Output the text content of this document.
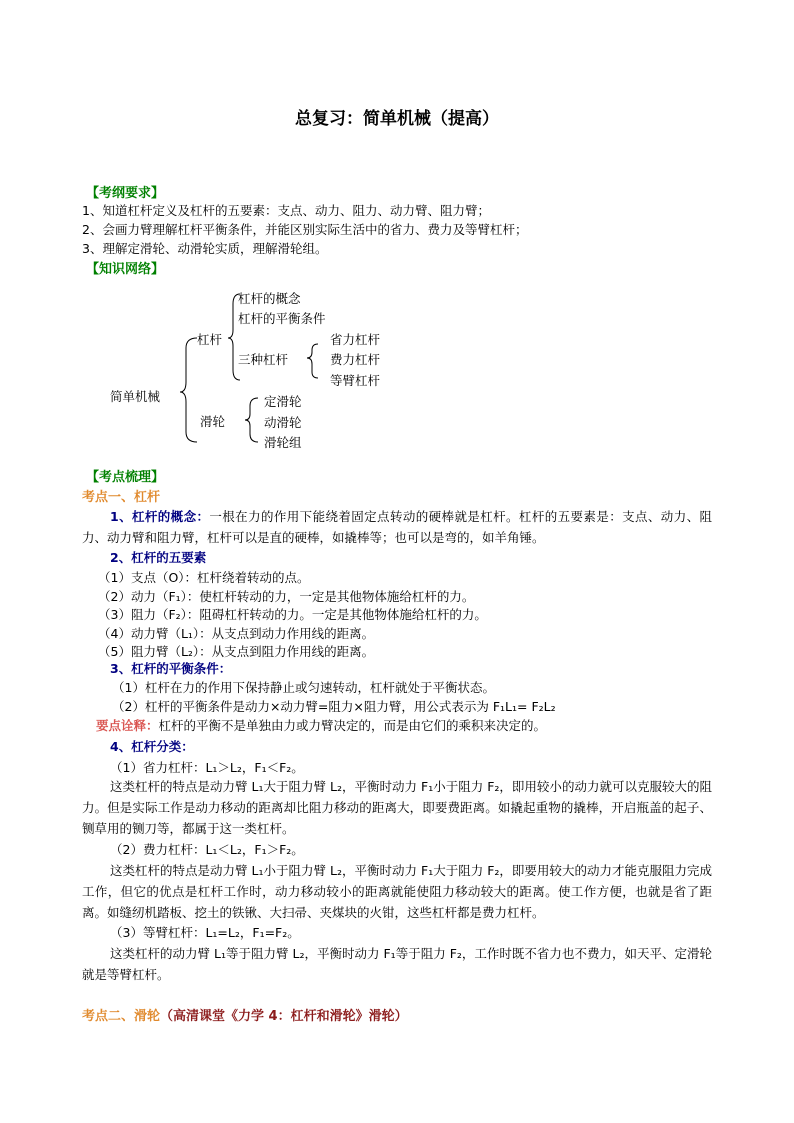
总复习：简单机械（提高）
【考纲要求】
1、知道杠杆定义及杠杆的五要素：支点、动力、阻力、动力臂、阻力臂；
2、会画力臂理解杠杆平衡条件，并能区别实际生活中的省力、费力及等臂杠杆；
3、理解定滑轮、动滑轮实质，理解滑轮组。
【知识网络】
简单机械
杠杆
杠杆的概念
杠杆的平衡条件
三种杠杆
省力杠杆
费力杠杆
等臂杠杆
滑轮
定滑轮
动滑轮
滑轮组
【考点梳理】
考点一、杠杆
1、杠杆的概念：一根在力的作用下能绕着固定点转动的硬棒就是杠杆。杠杆的五要素是：支点、动力、阻力、动力臂和阻力臂，杠杆可以是直的硬棒，如撬棒等；也可以是弯的，如羊角锤。
2、杠杆的五要素
（1）支点（O）：杠杆绕着转动的点。
（2）动力（F₁）：使杠杆转动的力，一定是其他物体施给杠杆的力。
（3）阻力（F₂）：阻碍杠杆转动的力。一定是其他物体施给杠杆的力。
（4）动力臂（L₁）：从支点到动力作用线的距离。
（5）阻力臂（L₂）：从支点到阻力作用线的距离。
3、杠杆的平衡条件：
（1）杠杆在力的作用下保持静止或匀速转动，杠杆就处于平衡状态。
（2）杠杆的平衡条件是动力×动力臂=阻力×阻力臂，用公式表示为 F₁L₁= F₂L₂
要点诠释：杠杆的平衡不是单独由力或力臂决定的，而是由它们的乘积来决定的。
4、杠杆分类：
（1）省力杠杆：L₁＞L₂，F₁＜F₂。
这类杠杆的特点是动力臂 L₁大于阻力臂 L₂，平衡时动力 F₁小于阻力 F₂，即用较小的动力就可以克服较大的阻力。但是实际工作是动力移动的距离却比阻力移动的距离大，即要费距离。如撬起重物的撬棒，开启瓶盖的起子、铡草用的铡刀等，都属于这一类杠杆。
（2）费力杠杆：L₁＜L₂，F₁＞F₂。
这类杠杆的特点是动力臂 L₁小于阻力臂 L₂，平衡时动力 F₁大于阻力 F₂，即要用较大的动力才能克服阻力完成工作，但它的优点是杠杆工作时，动力移动较小的距离就能使阻力移动较大的距离。使工作方便，也就是省了距离。如缝纫机踏板、挖土的铁锹、大扫帚、夹煤块的火钳，这些杠杆都是费力杠杆。
（3）等臂杠杆：L₁=L₂，F₁=F₂。
这类杠杆的动力臂 L₁等于阻力臂 L₂，平衡时动力 F₁等于阻力 F₂，工作时既不省力也不费力，如天平、定滑轮就是等臂杠杆。
考点二、滑轮（高清课堂《力学 4：杠杆和滑轮》滑轮）
